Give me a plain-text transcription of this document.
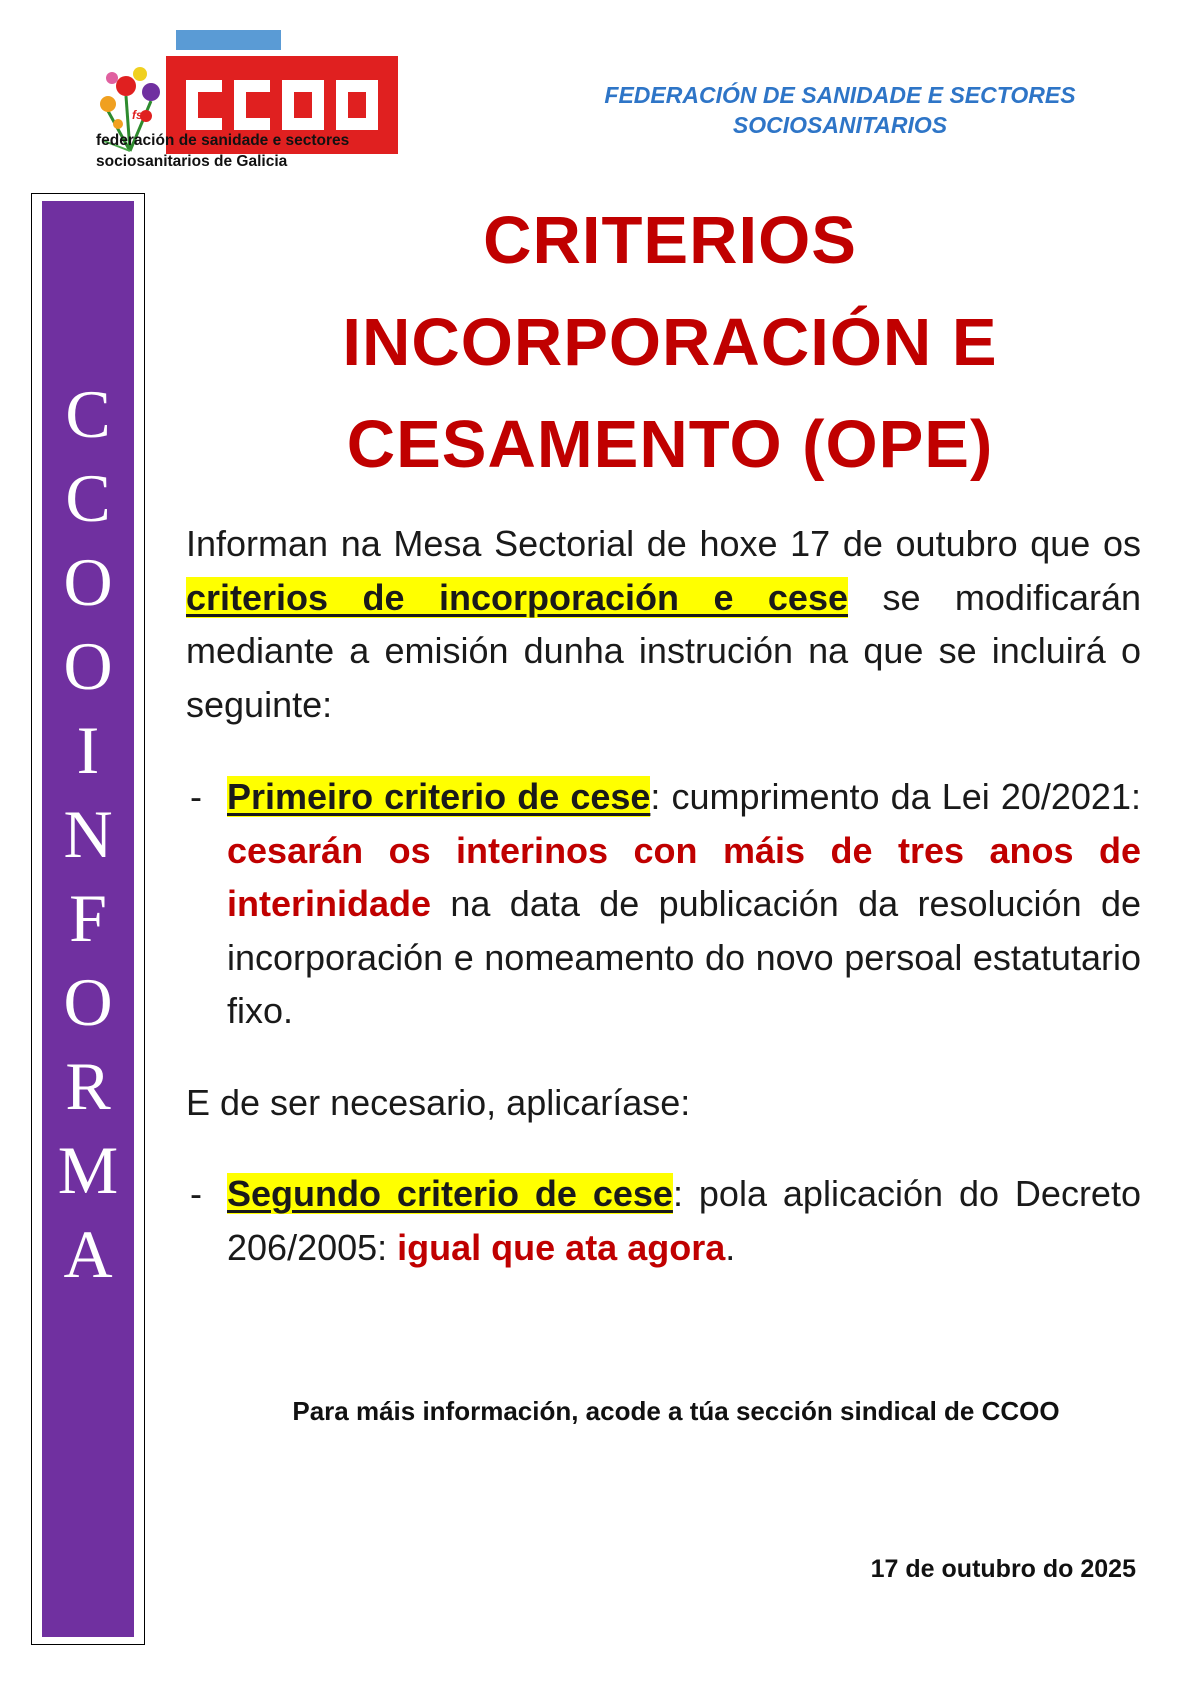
fss
federación de sanidade e sectores
sociosanitarios de Galicia
FEDERACIÓN DE SANIDADE E SECTORES
SOCIOSANITARIOS
C
C
O
O
I
N
F
O
R
M
A
CRITERIOS
INCORPORACIÓN E
CESAMENTO (OPE)
Informan na Mesa Sectorial de hoxe 17 de outubro que os criterios de incorporación e cese se modificarán mediante a emisión dunha instrución na que se incluirá o seguinte:
- Primeiro criterio de cese: cumprimento da Lei 20/2021: cesarán os interinos con máis de tres anos de interinidade na data de publicación da resolución de incorporación e nomeamento do novo persoal estatutario fixo.
E de ser necesario, aplicaríase:
- Segundo criterio de cese: pola aplicación do Decreto 206/2005: igual que ata agora.
Para máis información, acode a túa sección sindical de CCOO
17 de outubro do 2025
